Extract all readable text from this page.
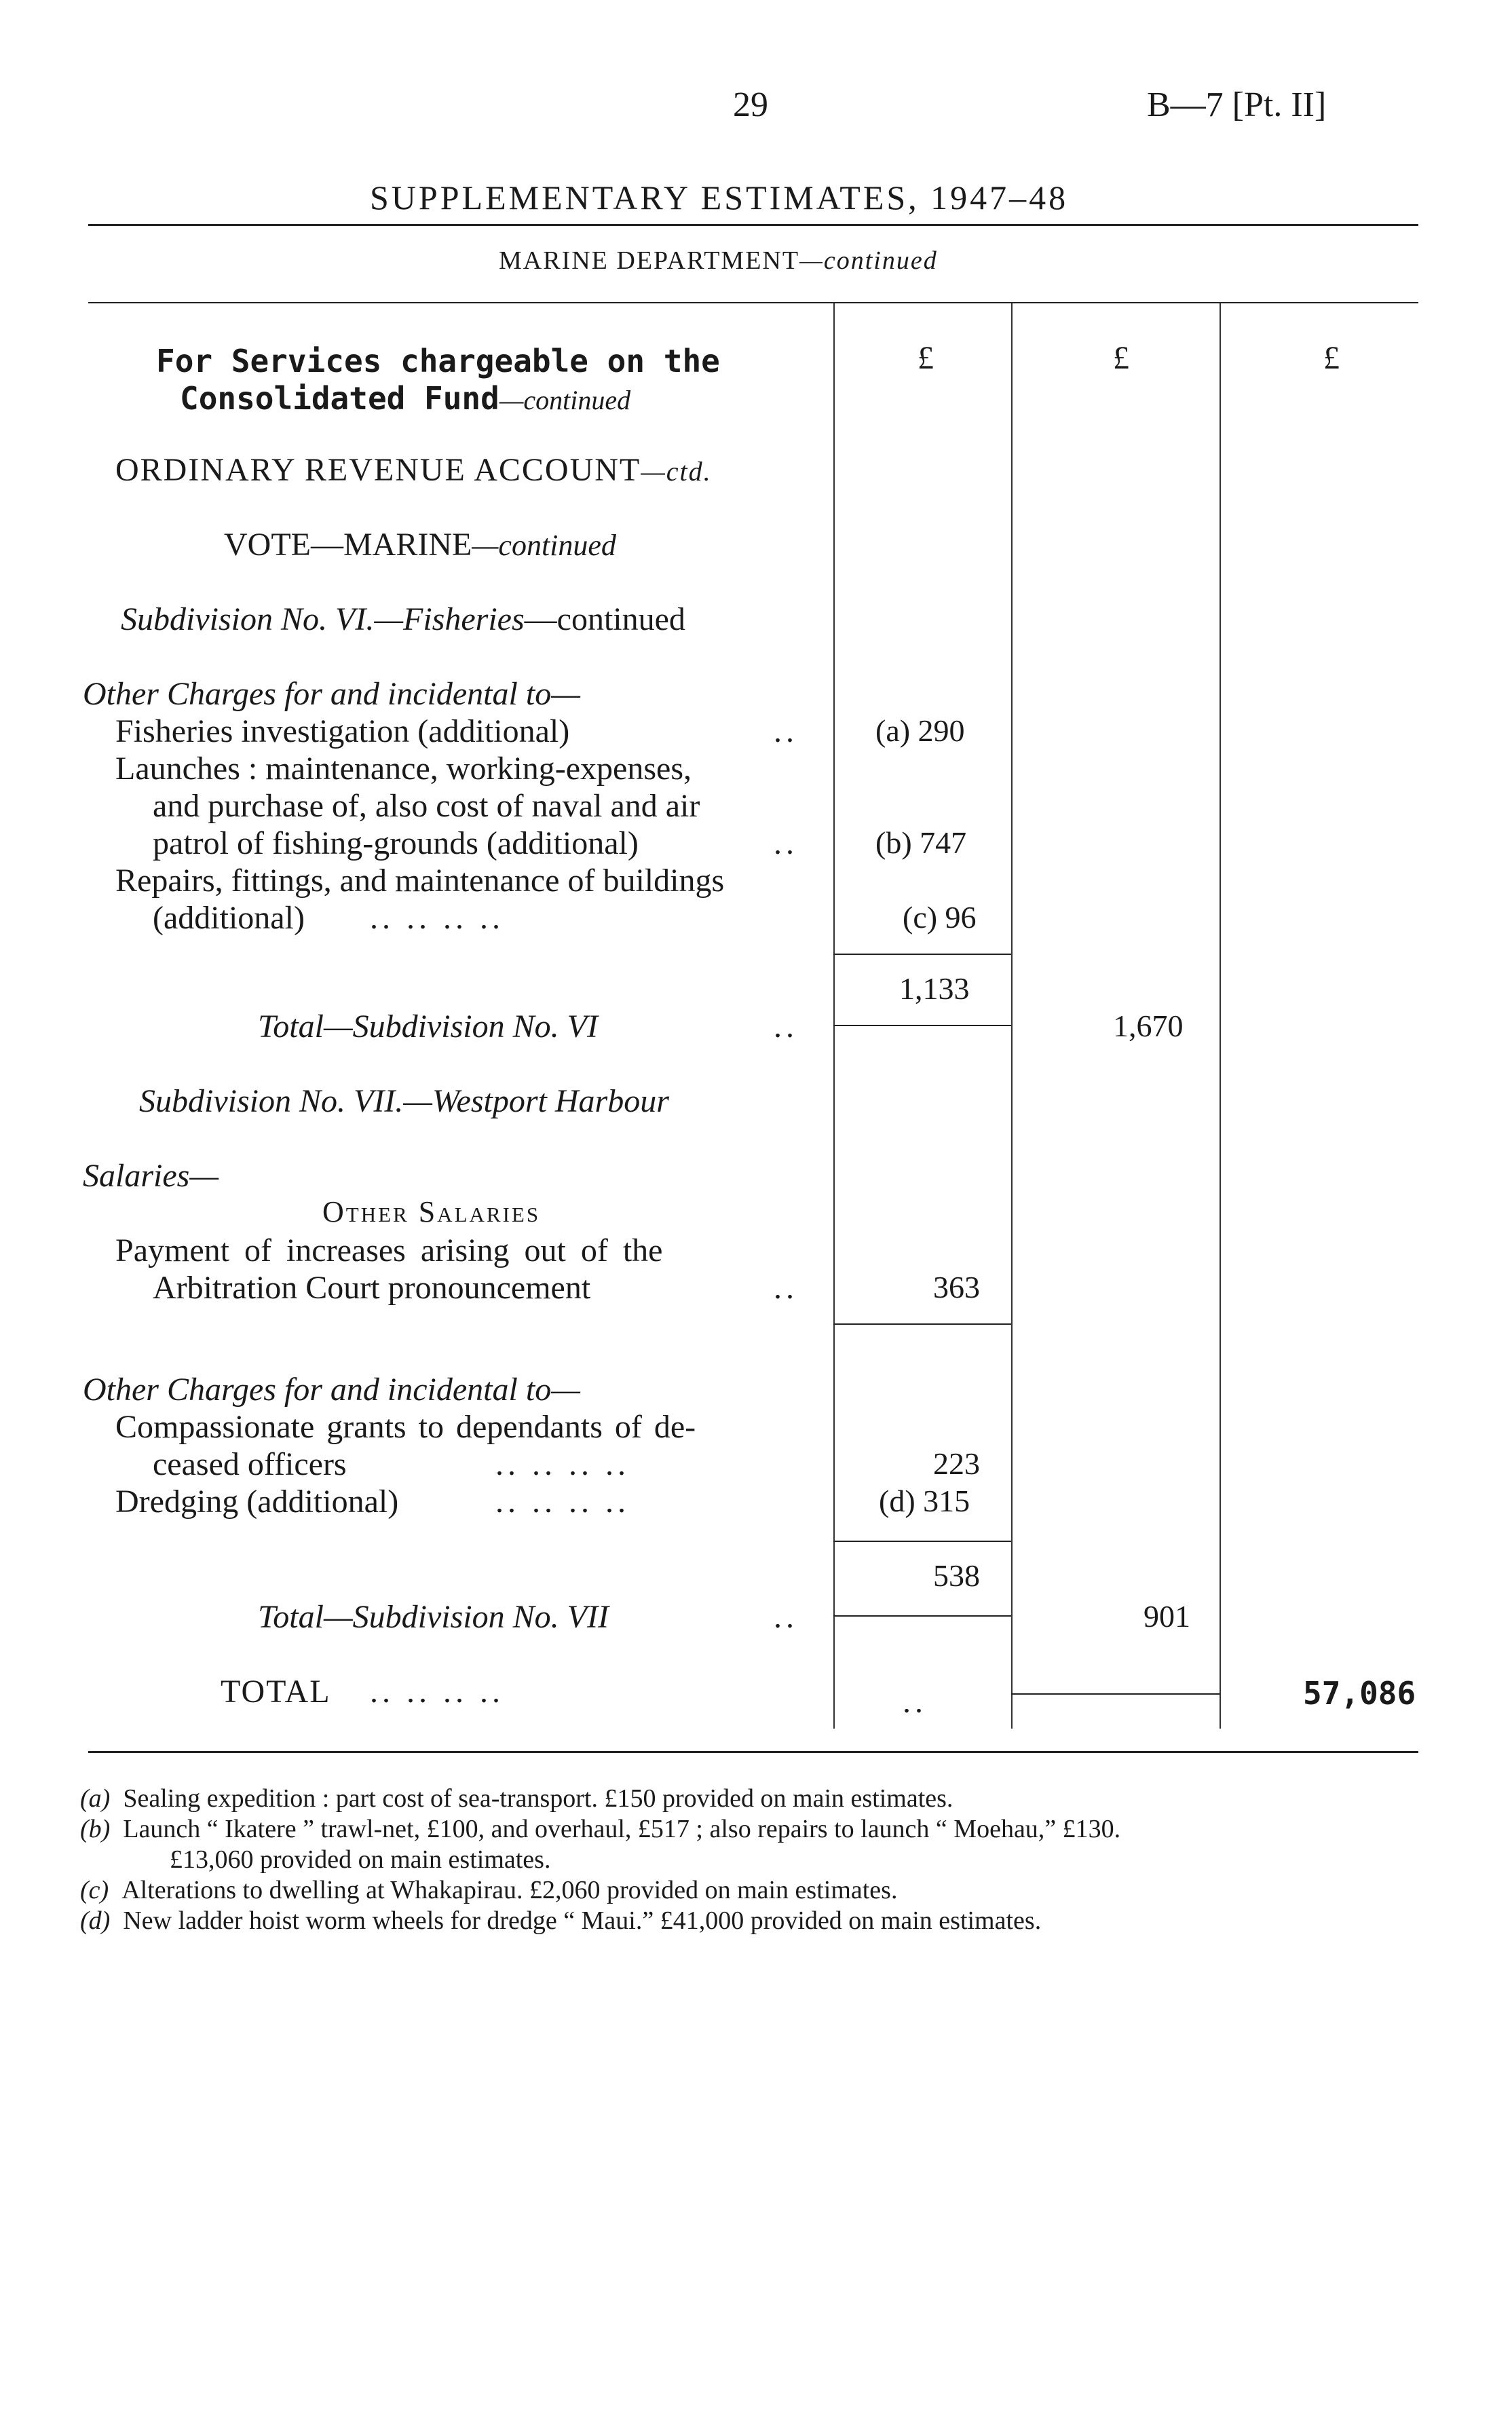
29	B—7 [Pt. II]
SUPPLEMENTARY ESTIMATES, 1947–48
MARINE DEPARTMENT—continued
£	£	£
For Services chargeable on the
Consolidated Fund—continued
ORDINARY REVENUE ACCOUNT—ctd.
VOTE—MARINE—continued
Subdivision No. VI.—Fisheries—continued
Other Charges for and incidental to—
Fisheries investigation (additional)	.. (a) 290
Launches : maintenance, working-expenses,
and purchase of, also cost of naval and air
patrol of fishing-grounds (additional)	.. (b) 747
Repairs, fittings, and maintenance of buildings
(additional) .. .. .. ..	(c) 96
1,133
Total—Subdivision No. VI	..	1,670
Subdivision No. VII.—Westport Harbour
Salaries—
Other Salaries
Payment of increases arising out of the
Arbitration Court pronouncement	..	363
Other Charges for and incidental to—
Compassionate grants to dependants of de-
ceased officers	.. .. .. ..	223
Dredging (additional)	.. .. .. ..	(d) 315
538
Total—Subdivision No. VII	..	901
TOTAL .. .. .. ..	..	57,086
(a) Sealing expedition : part cost of sea-transport. £150 provided on main estimates.
(b) Launch “ Ikatere ” trawl-net, £100, and overhaul, £517 ; also repairs to launch “ Moehau,” £130.
£13,060 provided on main estimates.
(c) Alterations to dwelling at Whakapirau. £2,060 provided on main estimates.
(d) New ladder hoist worm wheels for dredge “ Maui.” £41,000 provided on main estimates.
